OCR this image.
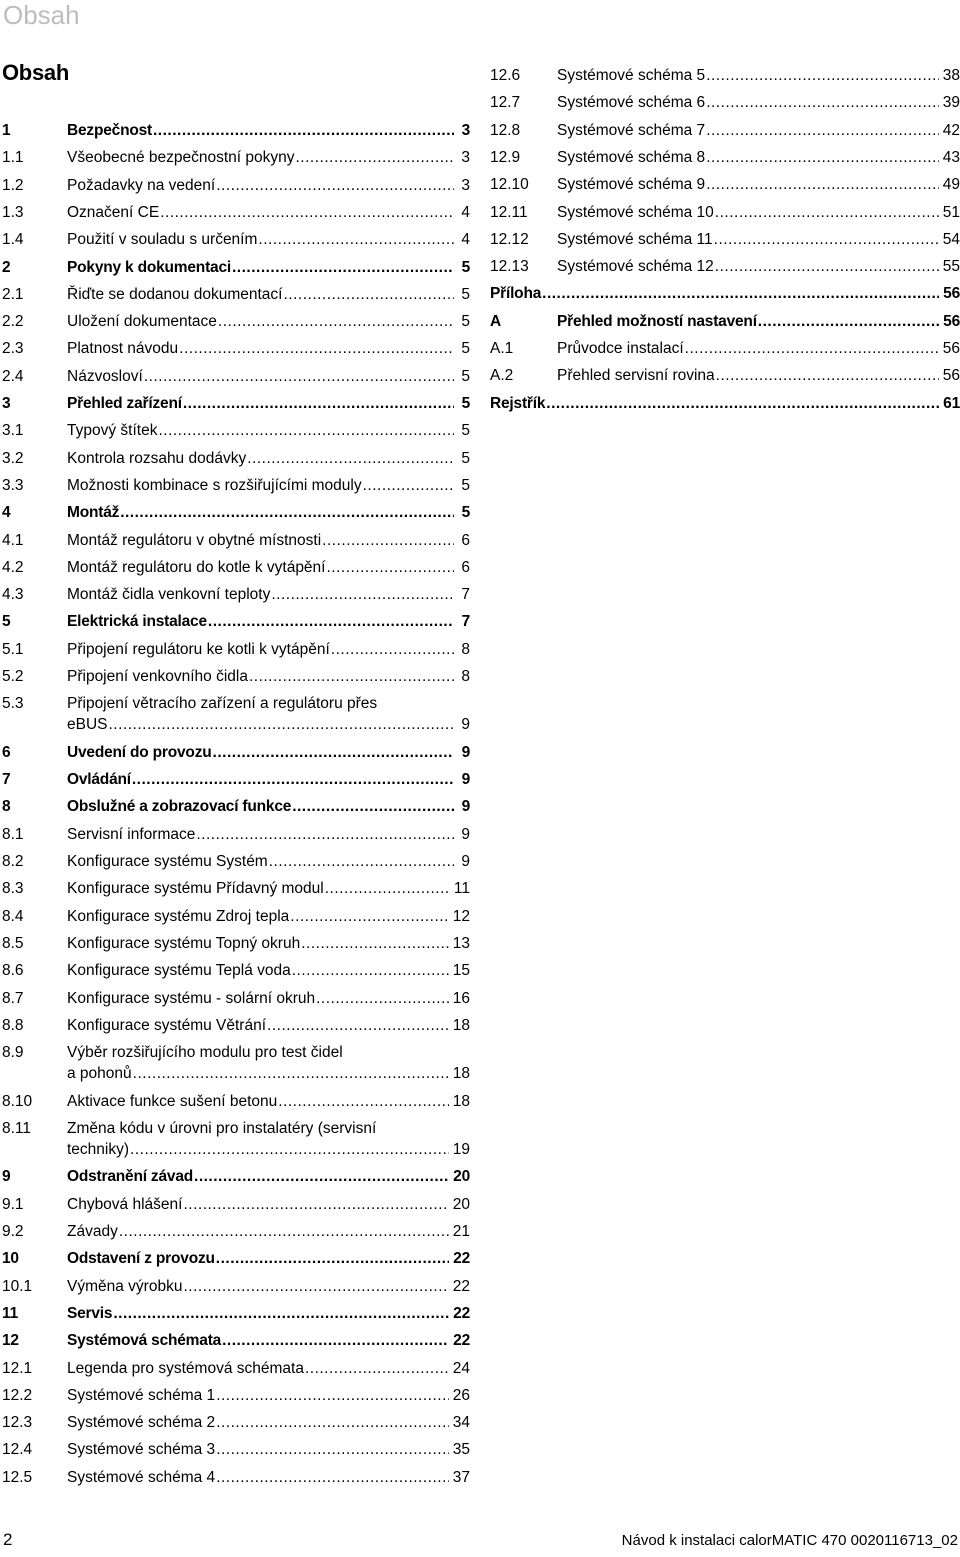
Obsah
Obsah
1	Bezpečnost .....	3
1.1	Všeobecné bezpečnostní pokyny .....	3
1.2	Požadavky na vedení .....	3
1.3	Označení CE .....	4
1.4	Použití v souladu s určením .....	4
2	Pokyny k dokumentaci .....	5
2.1	Řiďte se dodanou dokumentací .....	5
2.2	Uložení dokumentace .....	5
2.3	Platnost návodu .....	5
2.4	Názvosloví .....	5
3	Přehled zařízení .....	5
3.1	Typový štítek .....	5
3.2	Kontrola rozsahu dodávky .....	5
3.3	Možnosti kombinace s rozšiřujícími moduly .....	5
4	Montáž .....	5
4.1	Montáž regulátoru v obytné místnosti .....	6
4.2	Montáž regulátoru do kotle k vytápění .....	6
4.3	Montáž čidla venkovní teploty .....	7
5	Elektrická instalace .....	7
5.1	Připojení regulátoru ke kotli k vytápění .....	8
5.2	Připojení venkovního čidla .....	8
5.3	Připojení větracího zařízení a regulátoru přes
eBUS .....	9
6	Uvedení do provozu .....	9
7	Ovládání .....	9
8	Obslužné a zobrazovací funkce .....	9
8.1	Servisní informace .....	9
8.2	Konfigurace systému Systém .....	9
8.3	Konfigurace systému Přídavný modul .....	11
8.4	Konfigurace systému Zdroj tepla .....	12
8.5	Konfigurace systému Topný okruh .....	13
8.6	Konfigurace systému Teplá voda .....	15
8.7	Konfigurace systému - solární okruh .....	16
8.8	Konfigurace systému Větrání .....	18
8.9	Výběr rozšiřujícího modulu pro test čidel
a pohonů .....	18
8.10 Aktivace funkce sušení betonu .....	18
8.11 Změna kódu v úrovni pro instalatéry (servisní
techniky) .....	19
9	Odstranění závad .....	20
9.1	Chybová hlášení .....	20
9.2	Závady .....	21
10	Odstavení z provozu .....	22
10.1 Výměna výrobku .....	22
11	Servis .....	22
12	Systémová schémata .....	22
12.1 Legenda pro systémová schémata .....	24
12.2 Systémové schéma 1 .....	26
12.3 Systémové schéma 2 .....	34
12.4 Systémové schéma 3 .....	35
12.5 Systémové schéma 4 .....	37
12.6 Systémové schéma 5 .....	38
12.7 Systémové schéma 6 .....	39
12.8 Systémové schéma 7 .....	42
12.9 Systémové schéma 8 .....	43
12.10 Systémové schéma 9 .....	49
12.11 Systémové schéma 10 .....	51
12.12 Systémové schéma 11 .....	54
12.13 Systémové schéma 12 .....	55
Příloha .....	56
A	Přehled možností nastavení .....	56
A.1	Průvodce instalací .....	56
A.2	Přehled servisní rovina .....	56
Rejstřík .....	61
2	Návod k instalaci calorMATIC 470 0020116713_02
